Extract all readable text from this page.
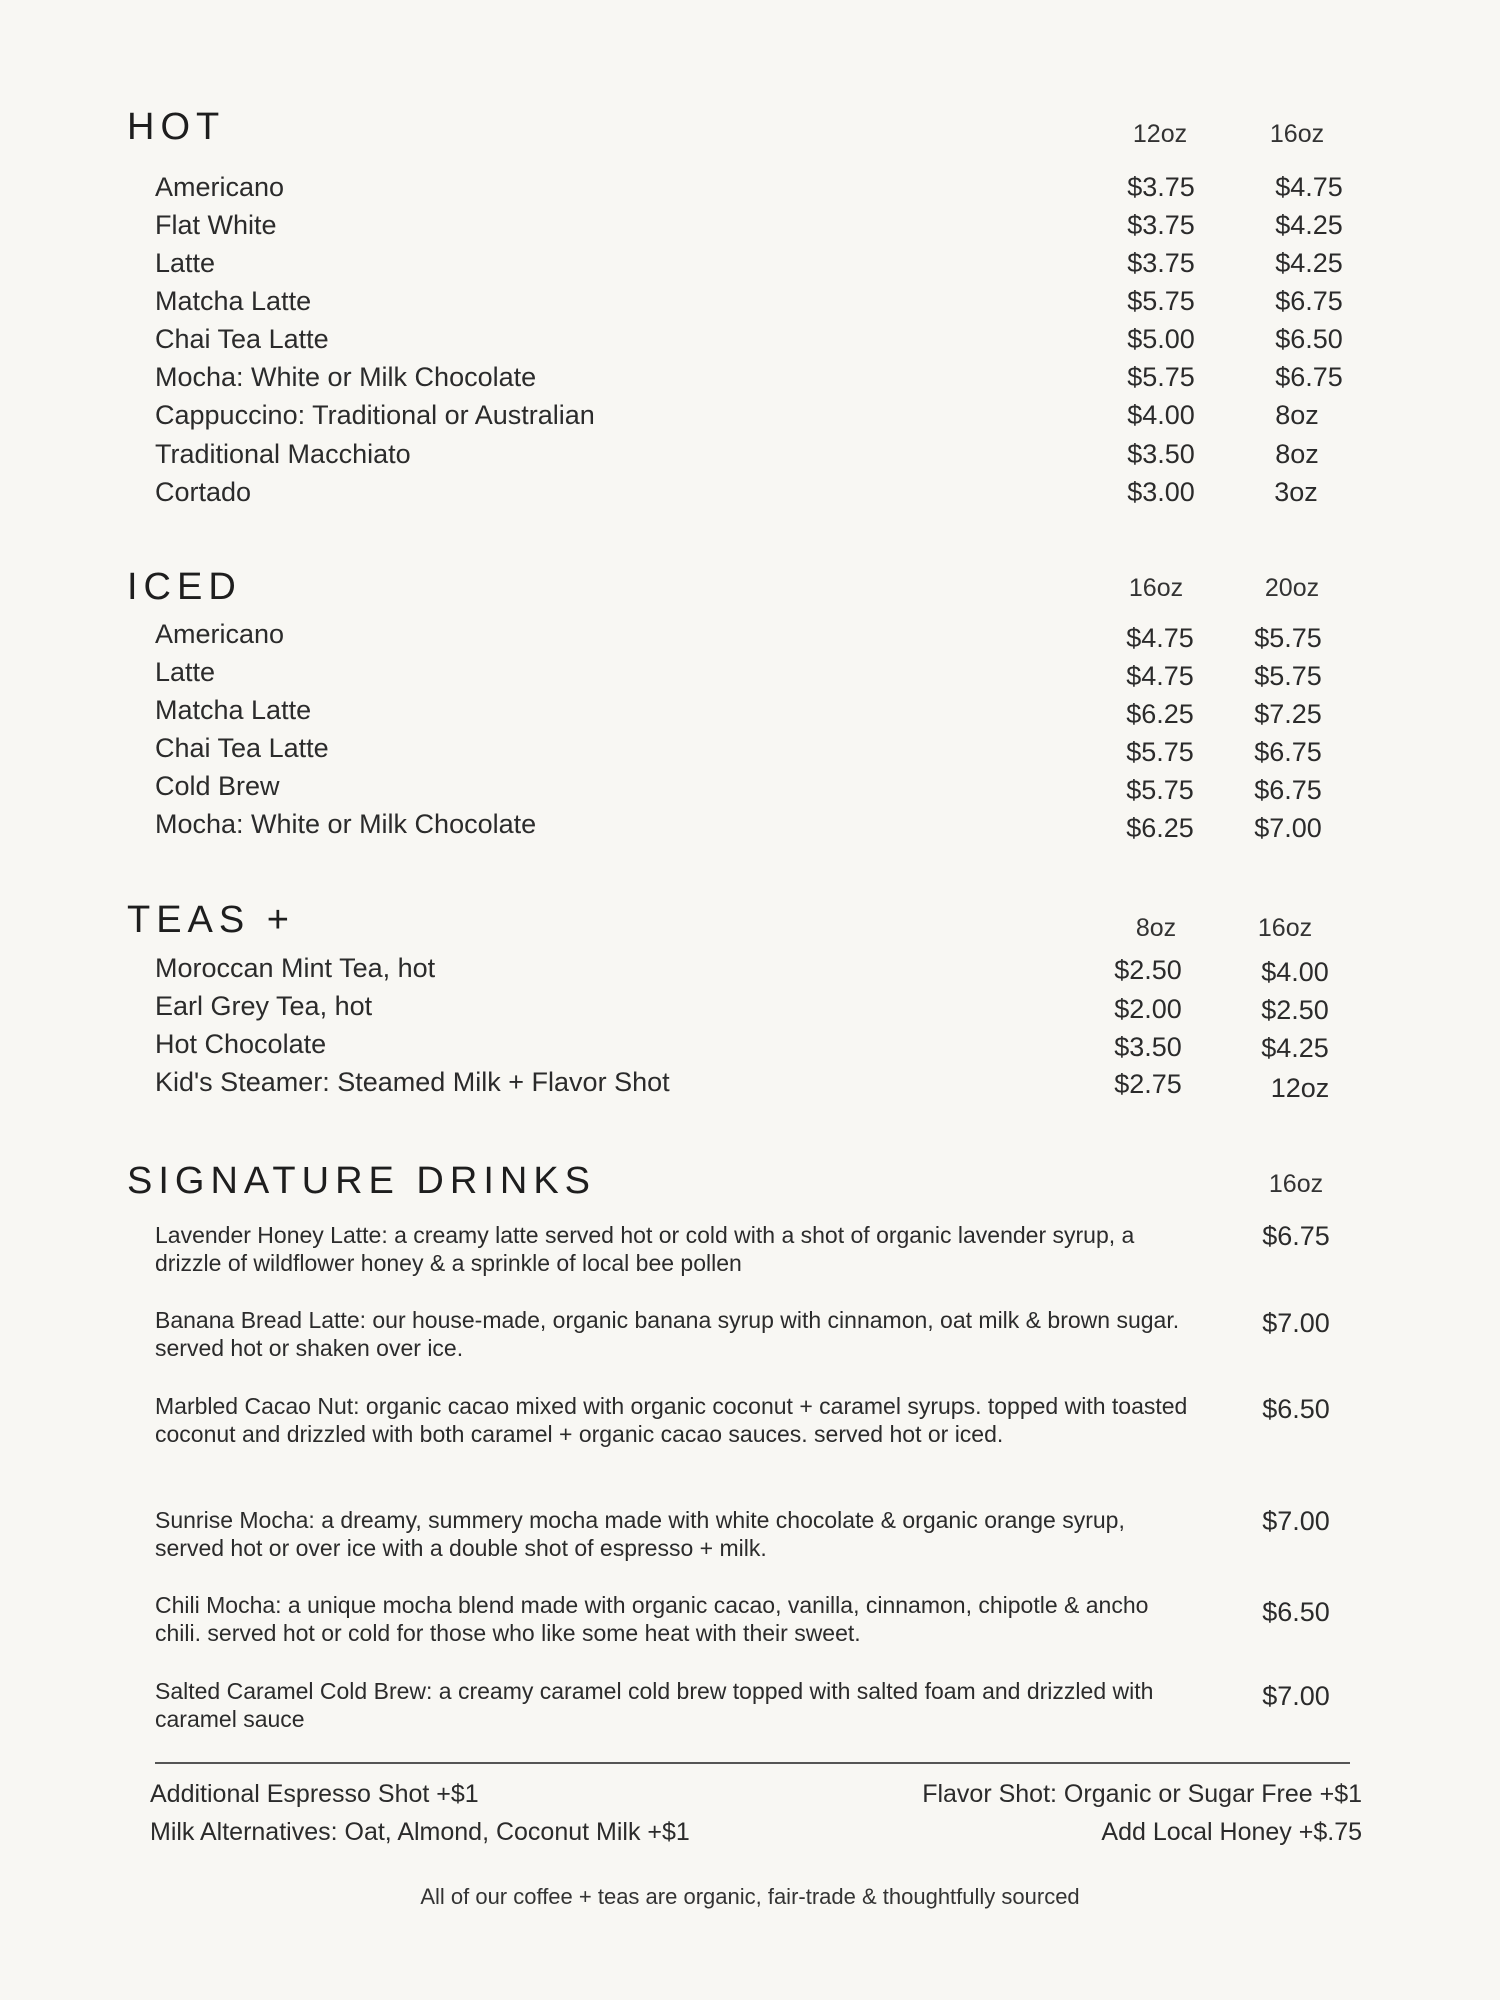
HOT	12oz	16oz
Americano	$3.75	$4.75
Flat White	$3.75	$4.25
Latte	$3.75	$4.25
Matcha Latte	$5.75	$6.75
Chai Tea Latte	$5.00	$6.50
Mocha: White or Milk Chocolate	$5.75	$6.75
Cappuccino: Traditional or Australian	$4.00	8oz
Traditional Macchiato	$3.50	8oz
Cortado	$3.00	3oz
ICED	16oz	20oz
Americano	$4.75 $5.75
Latte	$4.75 $5.75
Matcha Latte	$6.25 $7.25
Chai Tea Latte	$5.75 $6.75
Cold Brew	$5.75 $6.75
Mocha: White or Milk Chocolate	$6.25 $7.00
TEAS +	8oz	16oz
Moroccan Mint Tea, hot	$2.50	$4.00
Earl Grey Tea, hot	$2.00	$2.50
Hot Chocolate	$3.50	$4.25
Kid's Steamer: Steamed Milk + Flavor Shot	$2.75	12oz
SIGNATURE DRINKS	16oz
Lavender Honey Latte: a creamy latte served hot or cold with a shot of organic lavender syrup, a drizzle of wildflower honey & a sprinkle of local bee pollen
$6.75
Banana Bread Latte: our house-made, organic banana syrup with cinnamon, oat milk & brown sugar. served hot or shaken over ice.
$7.00
Marbled Cacao Nut: organic cacao mixed with organic coconut + caramel syrups. topped with toasted coconut and drizzled with both caramel + organic cacao sauces. served hot or iced.
$6.50
Sunrise Mocha: a dreamy, summery mocha made with white chocolate & organic orange syrup, served hot or over ice with a double shot of espresso + milk.
$7.00
Chili Mocha: a unique mocha blend made with organic cacao, vanilla, cinnamon, chipotle & ancho chili. served hot or cold for those who like some heat with their sweet.
$6.50
Salted Caramel Cold Brew: a creamy caramel cold brew topped with salted foam and drizzled with caramel sauce
$7.00
Additional Espresso Shot +$1
Milk Alternatives: Oat, Almond, Coconut Milk +$1
Flavor Shot: Organic or Sugar Free +$1
Add Local Honey +$.75
All of our coffee + teas are organic, fair-trade & thoughtfully sourced
